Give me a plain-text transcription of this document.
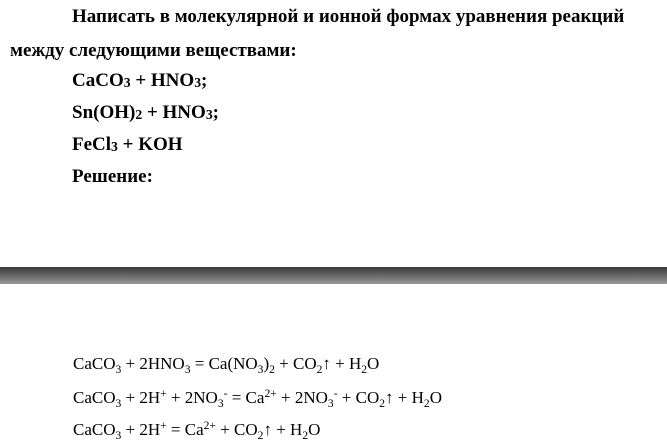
Написать в молекулярной и ионной формах уравнения реакций
между следующими веществами:
CaCO$_3$ + $HNO_3$;
$Sn(OH)_2 + HNO_3$;
FeCl$_3$ + KOH
Решение:
CaCO$_3$ + $2HNO_3 = Ca(NO_3)_2$ + $CO_2↑ + H_2O$
CaCO$_3$ + $2H^+ + 2NO_3^- = Ca^{2+} + 2NO_3^-$ + $CO_2↑ + H_2O$
CaCO$_3$ + $2H^+ = Ca^{2+}$ + $CO_2↑ + H_2O$
